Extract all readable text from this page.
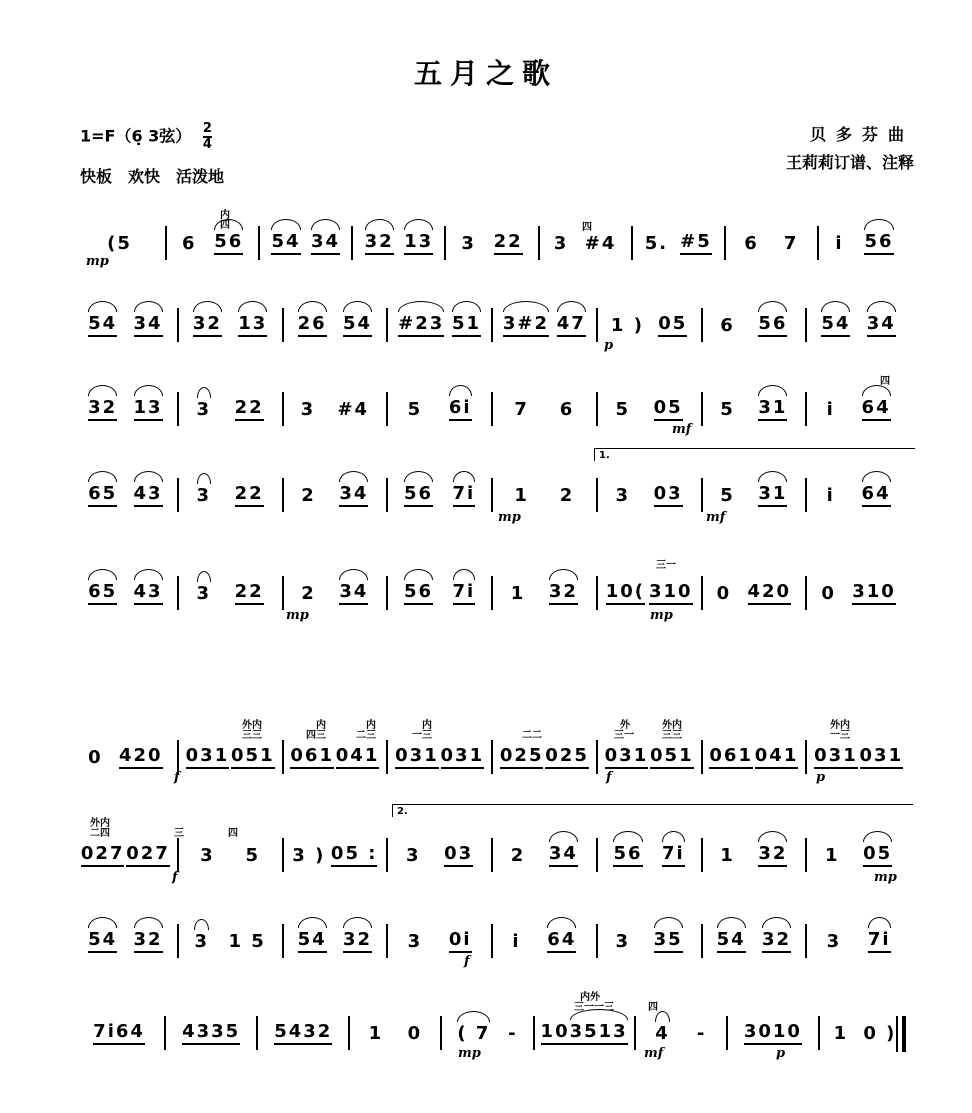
五月之歌
1=F（6̣ 3弦） $\frac{2}{4}$
快板　欢快　活泼地
贝多芬曲
王莉莉订谱、注释
(5	6 56 54 34 32 13 3 22 3 #4 5. #5 6 7 i 56
mp
内
四	四
54 34 32 13 26 54 #23 51 3#2 47 1 ) 05 6 56 54 34
p
32 13 3 22 3 #4 5 6i 7 6 5 05 5 31 i 64
mf
四
65 43 3 22 2 34 56 7i 1 2 3 03 5 31 i 64
mp	mf
1.
65 43 3 22 2 34 56 7i 1 32 10( 310 0 420 0 310
mp	mp
三一
0 420 031 051 061 041 031 031 025 025 031 051 061 041 031 031
f	f	p
外内
三三
内
四三
内
二三
内
一三	二二
外
三一
外内
三三
外内
一三
027 027 3 5 3 ) 05 : 3 03 2 34 56 7i 1 32 1 05
f	mp
外内
二四	三	四
2.
54 32 3 1 5 54 32 3 0i i 64 3 35 54 32 3 7i
f
7i64 4335 5432 1 0 ( 7 - 10 3513 4 - 3010 1 0 )
mp	mf	p
内外
三一一三	四
